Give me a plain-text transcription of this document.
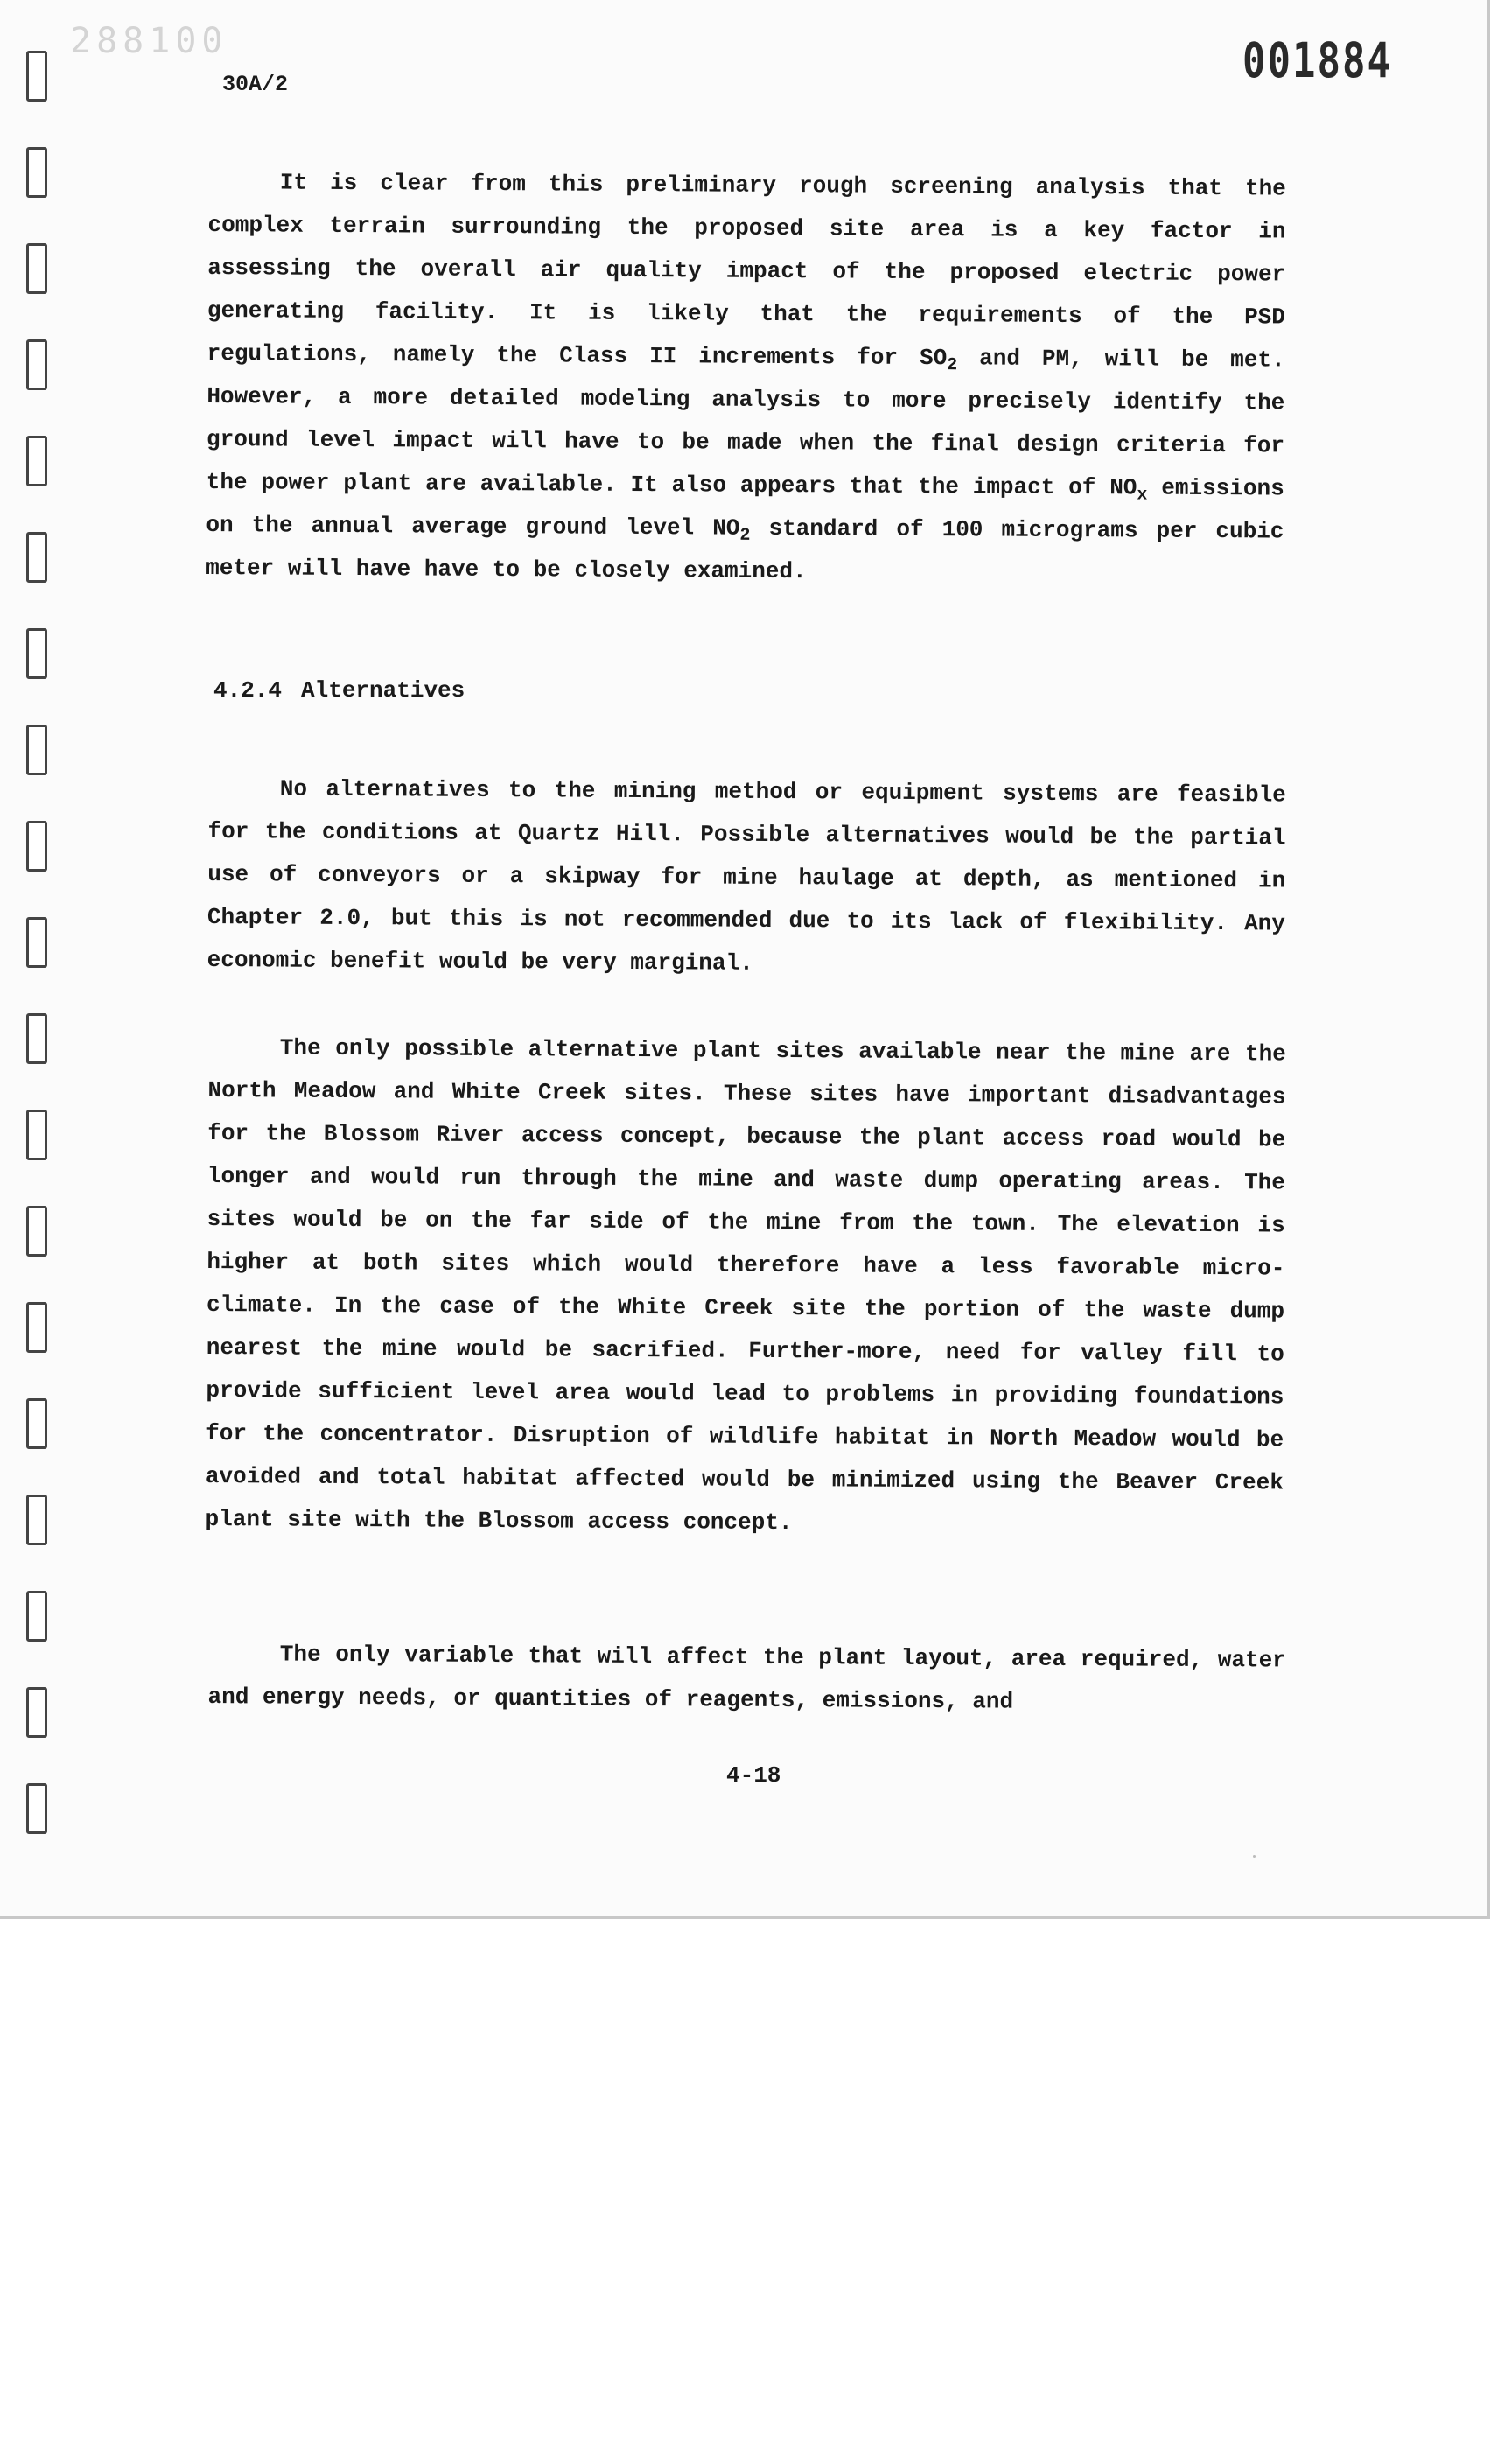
288100	001884
30A/2

It is clear from this preliminary rough screening analysis that the complex terrain surrounding the proposed site area is a key factor in assessing the overall air quality impact of the proposed electric power generating facility. It is likely that the requirements of the PSD regulations, namely the Class II increments for $SO_2$ and PM, will be met. However, a more detailed modeling analysis to more precisely identify the ground level impact will have to be made when the final design criteria for the power plant are available. It also appears that the impact of $NO_x$ emissions on the annual average ground level $NO_2$ standard of 100 micrograms per cubic meter will have have to be closely examined.

4.2.4 Alternatives

No alternatives to the mining method or equipment systems are feasible for the conditions at Quartz Hill. Possible alternatives would be the partial use of conveyors or a skipway for mine haulage at depth, as mentioned in Chapter 2.0, but this is not recommended due to its lack of flexibility. Any economic benefit would be very marginal.

The only possible alternative plant sites available near the mine are the North Meadow and White Creek sites. These sites have important disadvantages for the Blossom River access concept, because the plant access road would be longer and would run through the mine and waste dump operating areas. The sites would be on the far side of the mine from the town. The elevation is higher at both sites which would therefore have a less favorable micro-climate. In the case of the White Creek site the portion of the waste dump nearest the mine would be sacrified. Further-more, need for valley fill to provide sufficient level area would lead to problems in providing foundations for the concentrator. Disruption of wildlife habitat in North Meadow would be avoided and total habitat affected would be minimized using the Beaver Creek plant site with the Blossom access concept.

The only variable that will affect the plant layout, area required, water and energy needs, or quantities of reagents, emissions, and

4-18
